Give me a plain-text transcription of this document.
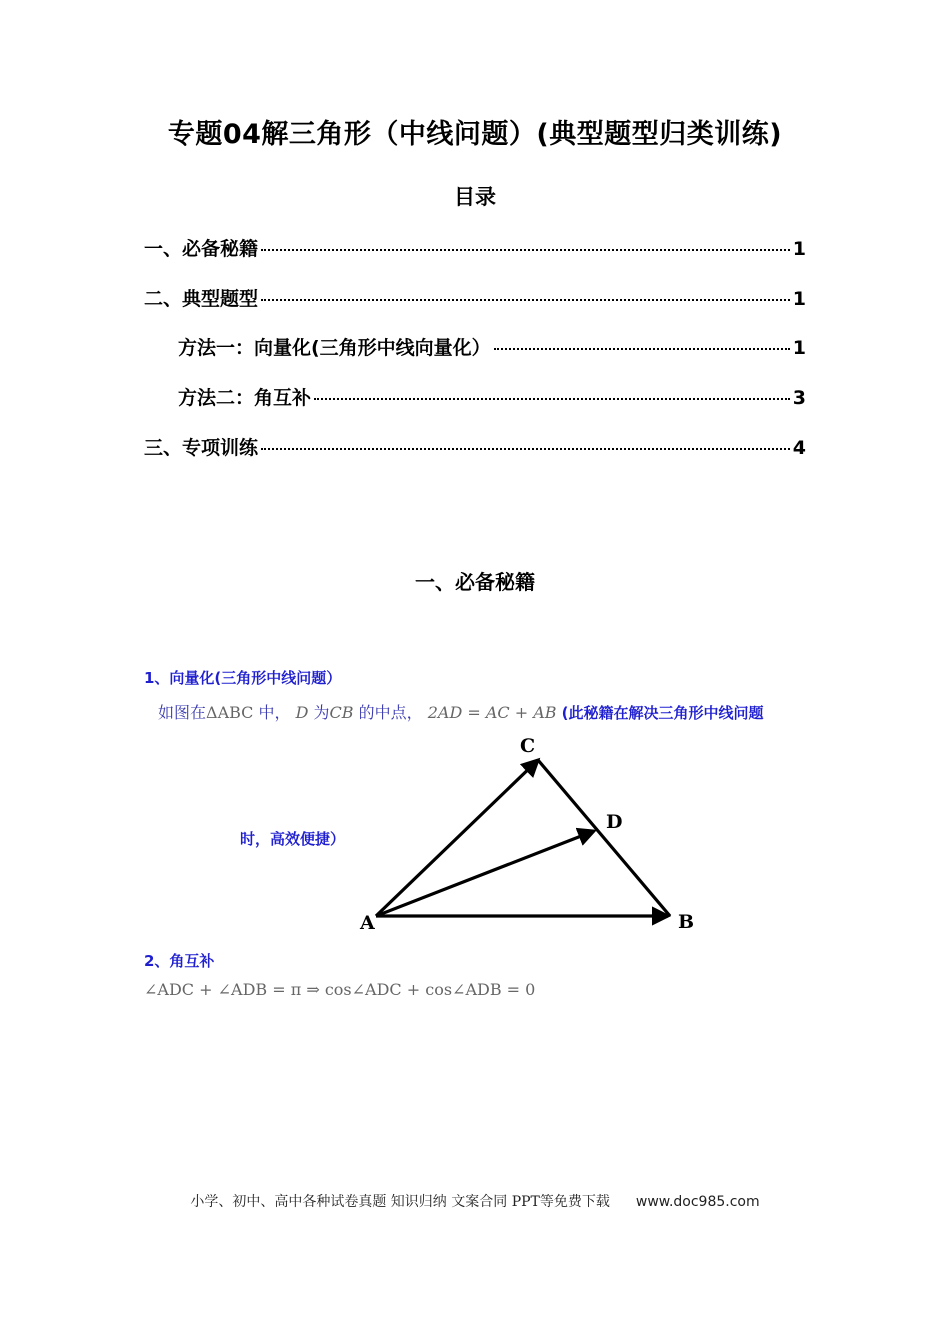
专题04解三角形（中线问题）(典型题型归类训练)
目录
一、必备秘籍	1
二、典型题型	1
方法一：向量化(三角形中线向量化）	1
方法二：角互补	3
三、专项训练	4
一、必备秘籍
1、向量化(三角形中线问题）
如图在ΔABC 中， D 为CB 的中点， 2AD = AC + AB (此秘籍在解决三角形中线问题
时，高效便捷）
A	B
C
D
2、角互补
∠ADC + ∠ADB = π ⇒ cos∠ADC + cos∠ADB = 0
小学、初中、高中各种试卷真题 知识归纳 文案合同 PPT等免费下载 www.doc985.com
